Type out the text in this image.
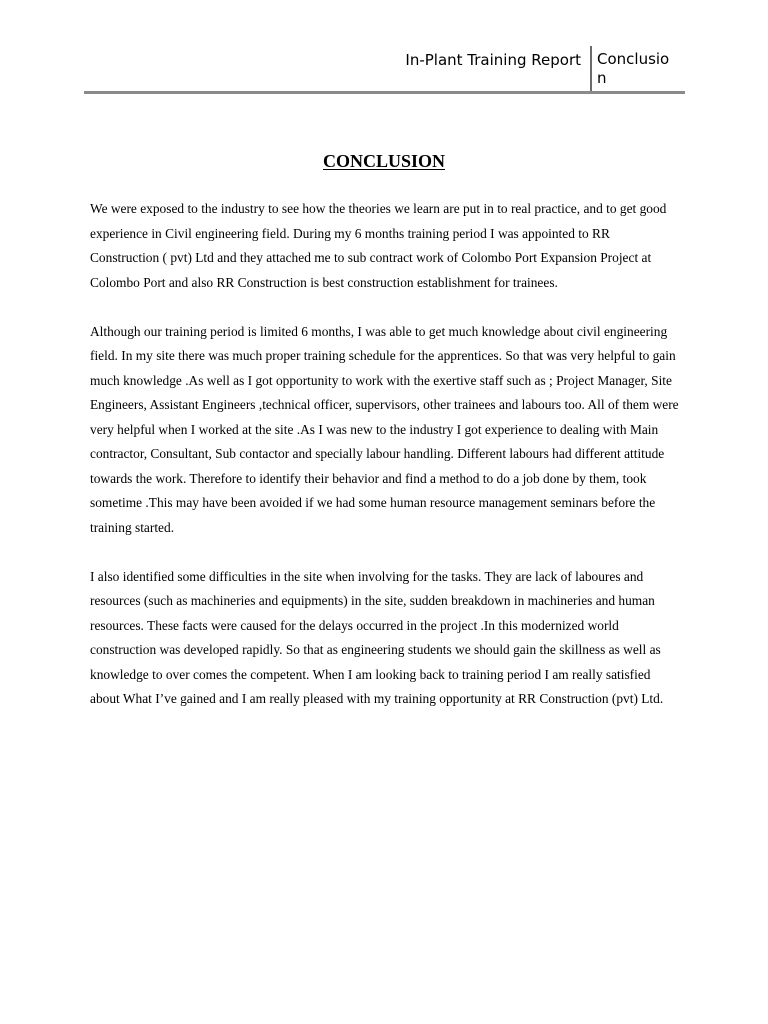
In-Plant Training Report Conclusion
CONCLUSION

We were exposed to the industry to see how the theories we learn are put in to real practice, and to get good experience in Civil engineering field. During my 6 months training period I was appointed to RR Construction ( pvt) Ltd and they attached me to sub contract work of Colombo Port Expansion Project at Colombo Port and also RR Construction is best construction establishment for trainees.

Although our training period is limited 6 months, I was able to get much knowledge about civil engineering field. In my site there was much proper training schedule for the apprentices. So that was very helpful to gain much knowledge .As well as I got opportunity to work with the exertive staff such as ; Project Manager, Site Engineers, Assistant Engineers ,technical officer, supervisors, other trainees and labours too. All of them were very helpful when I worked at the site .As I was new to the industry I got experience to dealing with Main contractor, Consultant, Sub contactor and specially labour handling. Different labours had different attitude towards the work. Therefore to identify their behavior and find a method to do a job done by them, took sometime .This may have been avoided if we had some human resource management seminars before the training started.

I also identified some difficulties in the site when involving for the tasks. They are lack of laboures and resources (such as machineries and equipments) in the site, sudden breakdown in machineries and human resources. These facts were caused for the delays occurred in the project .In this modernized world construction was developed rapidly. So that as engineering students we should gain the skillness as well as knowledge to over comes the competent. When I am looking back to training period I am really satisfied about What I’ve gained and I am really pleased with my training opportunity at RR Construction (pvt) Ltd.
